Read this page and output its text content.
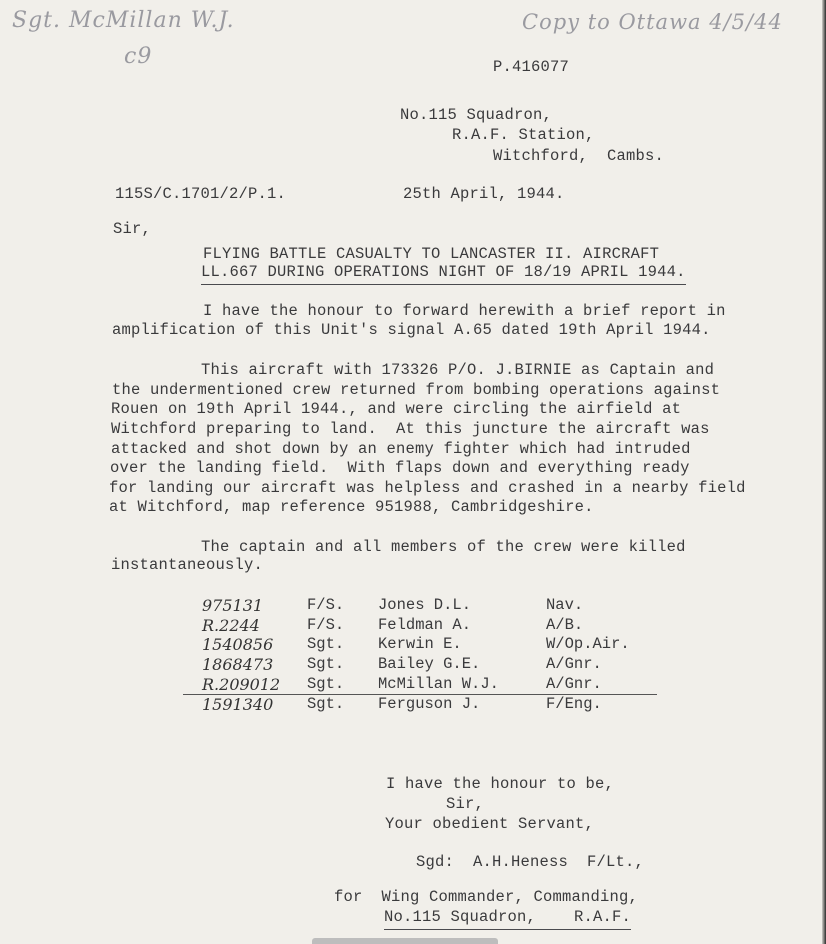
Sgt. McMillan W.J.
c9
Copy to Ottawa 4/5/44
P.416077
No.115 Squadron,
R.A.F. Station,
Witchford,  Cambs.
115S/C.1701/2/P.1.	25th April, 1944.
Sir,
FLYING BATTLE CASUALTY TO LANCASTER II. AIRCRAFT
LL.667 DURING OPERATIONS NIGHT OF 18/19 APRIL 1944.
I have the honour to forward herewith a brief report in
amplification of this Unit's signal A.65 dated 19th April 1944.
This aircraft with 173326 P/O. J.BIRNIE as Captain and
the undermentioned crew returned from bombing operations against
Rouen on 19th April 1944., and were circling the airfield at
Witchford preparing to land.  At this juncture the aircraft was
attacked and shot down by an enemy fighter which had intruded
over the landing field.  With flaps down and everything ready
for landing our aircraft was helpless and crashed in a nearby field
at Witchford, map reference 951988, Cambridgeshire.
The captain and all members of the crew were killed
instantaneously.
975131	F/S. Jones D.L.	Nav.
R.2244	F/S. Feldman A.	A/B.
1540856 Sgt. Kerwin E.	W/Op.Air.
1868473 Sgt. Bailey G.E.	A/Gnr.
R.209012 Sgt. McMillan W.J.	A/Gnr.
1591340 Sgt. Ferguson J.	F/Eng.
I have the honour to be,
Sir,
Your obedient Servant,
Sgd:  A.H.Heness  F/Lt.,
for  Wing Commander, Commanding,
No.115 Squadron,    R.A.F.
